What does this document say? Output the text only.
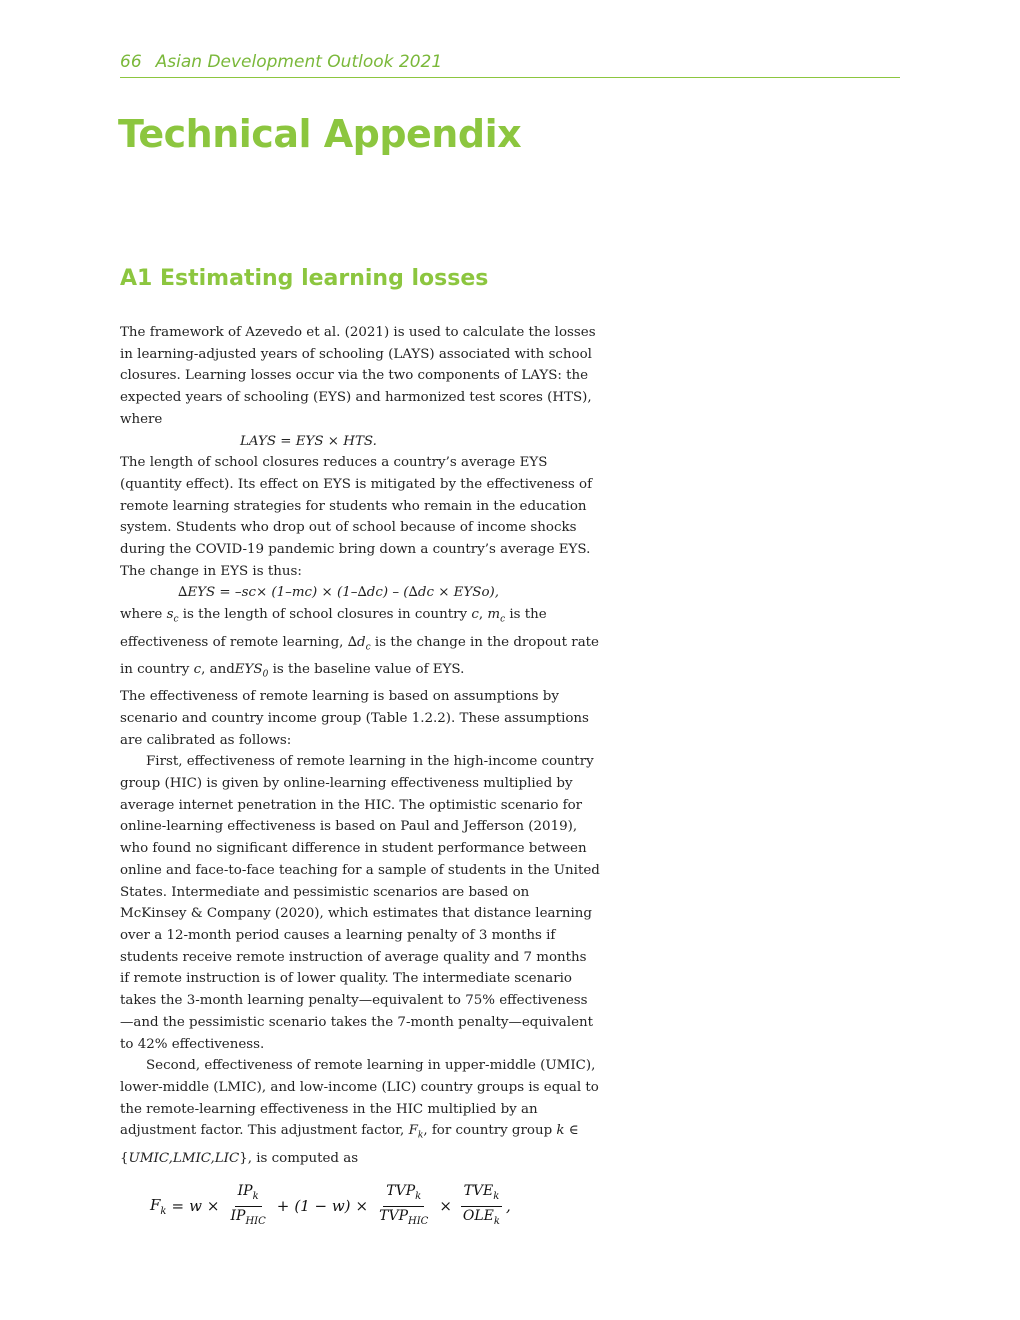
66 Asian Development Outlook 2021
Technical Appendix
A1 Estimating learning losses

The framework of Azevedo et al. (2021) is used to calculate the losses in learning-adjusted years of schooling (LAYS) associated with school closures. Learning losses occur via the two components of LAYS: the expected years of schooling (EYS) and harmonized test scores (HTS), where

LAYS = EYS × HTS.

The length of school closures reduces a country’s average EYS (quantity effect). Its effect on EYS is mitigated by the effectiveness of remote learning strategies for students who remain in the education system. Students who drop out of school because of income shocks during the COVID-19 pandemic bring down a country’s average EYS. The change in EYS is thus:

∆EYS = –sc× (1–mc) × (1–∆dc) – (∆dc × EYSo),

where $s_c$ is the length of school closures in country c, $m_c$ is the effectiveness of remote learning, $\Delta d_c$ is the change in the dropout rate in country c, andEYS$_0$ is the baseline value of EYS.

The effectiveness of remote learning is based on assumptions by scenario and country income group (Table 1.2.2). These assumptions are calibrated as follows:

First, effectiveness of remote learning in the high-income country group (HIC) is given by online-learning effectiveness multiplied by average internet penetration in the HIC. The optimistic scenario for online-learning effectiveness is based on Paul and Jefferson (2019), who found no significant difference in student performance between online and face-to-face teaching for a sample of students in the United States. Intermediate and pessimistic scenarios are based on McKinsey & Company (2020), which estimates that distance learning over a 12-month period causes a learning penalty of 3 months if students receive remote instruction of average quality and 7 months if remote instruction is of lower quality. The intermediate scenario takes the 3-month learning penalty—equivalent to 75% effectiveness—and the pessimistic scenario takes the 7-month penalty—equivalent to 42% effectiveness.

Second, effectiveness of remote learning in upper-middle (UMIC), lower-middle (LMIC), and low-income (LIC) country groups is equal to the remote-learning effectiveness in the HIC multiplied by an adjustment factor. This adjustment factor, $F_k$, for country group k ∈ {UMIC,LMIC,LIC}, is computed as

$F_k = w \times \frac{IP_k}{IP_{HIC}} + (1 - w) \times \frac{TVP_k}{TVP_{HIC}} \times \frac{TVE_k}{OLE_k}$ ,
